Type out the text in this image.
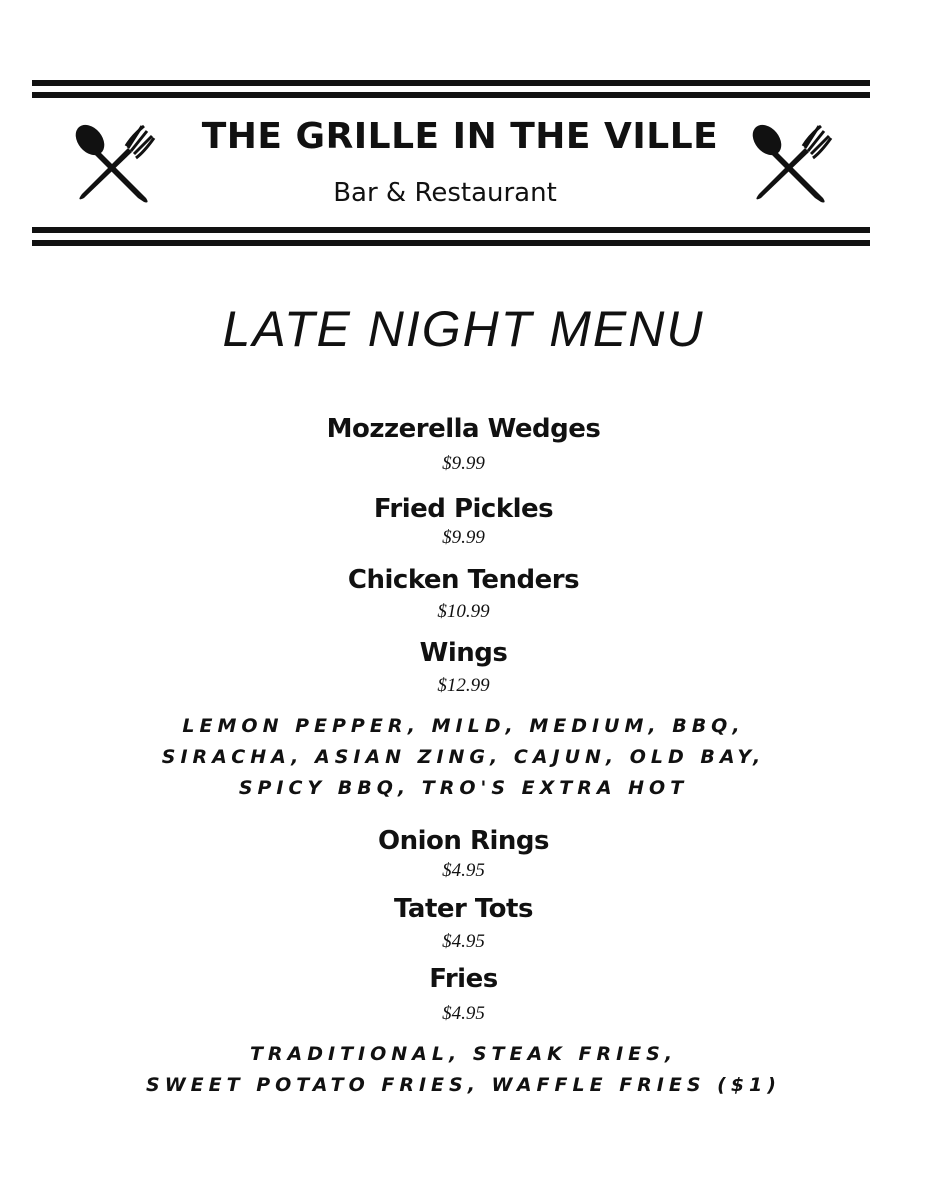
THE GRILLE IN THE VILLE
Bar & Restaurant
LATE NIGHT MENU
Mozzerella Wedges
$9.99
Fried Pickles
$9.99
Chicken Tenders
$10.99
Wings
$12.99
LEMON PEPPER, MILD, MEDIUM, BBQ,
SIRACHA, ASIAN ZING, CAJUN, OLD BAY,
SPICY BBQ, TRO'S EXTRA HOT
Onion Rings
$4.95
Tater Tots
$4.95
Fries
$4.95
TRADITIONAL, STEAK FRIES,
SWEET POTATO FRIES, WAFFLE FRIES ($1)
